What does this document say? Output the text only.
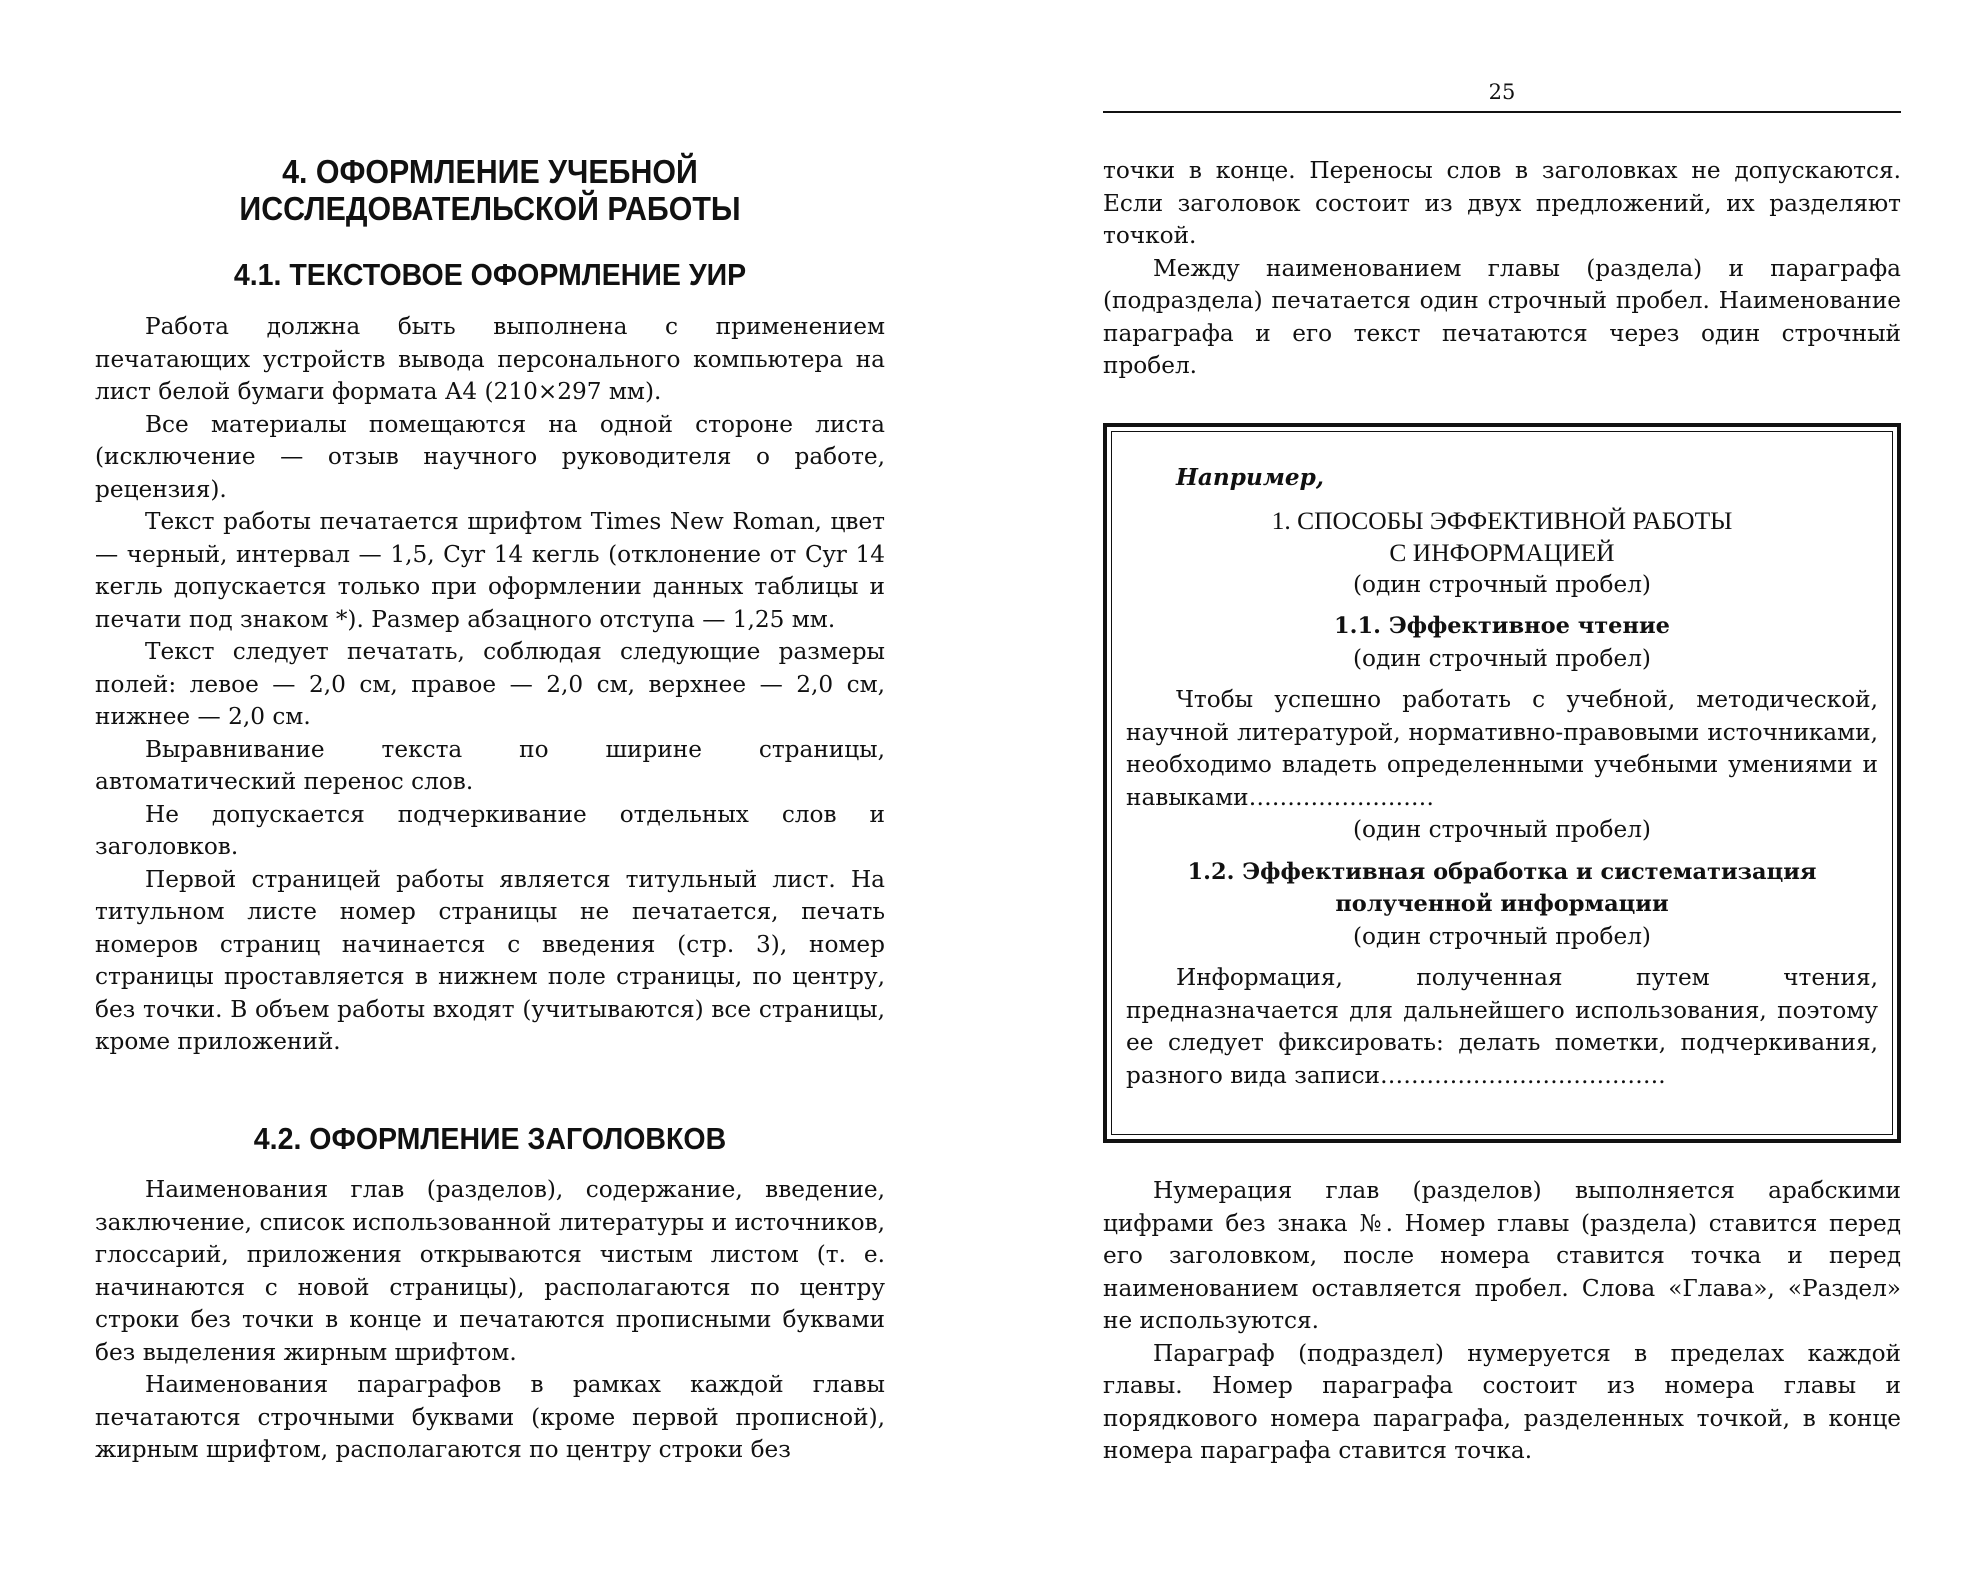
4. ОФОРМЛЕНИЕ УЧЕБНОЙ
ИССЛЕДОВАТЕЛЬСКОЙ РАБОТЫ
4.1. ТЕКСТОВОЕ ОФОРМЛЕНИЕ УИР

Работа должна быть выполнена с применением печатающих устройств вывода персонального компьютера на лист белой бумаги формата А4 (210×297 мм).

Все материалы помещаются на одной стороне листа (исключение — отзыв научного руководителя о работе, рецензия).

Текст работы печатается шрифтом Times New Roman, цвет — черный, интервал — 1,5, Cyr 14 кегль (отклонение от Cyr 14 кегль допускается только при оформлении данных таблицы и печати под знаком *). Размер абзацного отступа — 1,25 мм.

Текст следует печатать, соблюдая следующие размеры полей: левое — 2,0 см, правое — 2,0 см, верхнее — 2,0 см, нижнее — 2,0 см.

Выравнивание текста по ширине страницы, автоматический перенос слов.

Не допускается подчеркивание отдельных слов и заголовков.

Первой страницей работы является титульный лист. На титульном листе номер страницы не печатается, печать номеров страниц начинается с введения (стр. 3), номер страницы проставляется в нижнем поле страницы, по центру, без точки. В объем работы входят (учитываются) все страницы, кроме приложений.

4.2. ОФОРМЛЕНИЕ ЗАГОЛОВКОВ

Наименования глав (разделов), содержание, введение, заключение, список использованной литературы и источников, глоссарий, приложения открываются чистым листом (т. е. начинаются с новой страницы), располагаются по центру строки без точки в конце и печатаются прописными буквами без выделения жирным шрифтом.

Наименования параграфов в рамках каждой главы печатаются строчными буквами (кроме первой прописной), жирным шрифтом, располагаются по центру строки без

25

точки в конце. Переносы слов в заголовках не допускаются. Если заголовок состоит из двух предложений, их разделяют точкой.

Между наименованием главы (раздела) и параграфа (подраздела) печатается один строчный пробел. Наименование параграфа и его текст печатаются через один строчный пробел.

Например,

1. СПОСОБЫ ЭФФЕКТИВНОЙ РАБОТЫ

С ИНФОРМАЦИЕЙ

(один строчный пробел)

1.1. Эффективное чтение

(один строчный пробел)

Чтобы успешно работать с учебной, методической, научной литературой, нормативно-правовыми источниками, необходимо владеть определенными учебными умениями и навыками……………………

(один строчный пробел)

1.2. Эффективная обработка и систематизация

полученной информации

(один строчный пробел)

Информация, полученная путем чтения, предназначается для дальнейшего использования, поэтому ее следует фиксировать: делать пометки, подчеркивания, разного вида записи……………………………….

Нумерация глав (разделов) выполняется арабскими цифрами без знака №. Номер главы (раздела) ставится перед его заголовком, после номера ставится точка и перед наименованием оставляется пробел. Слова «Глава», «Раздел» не используются.

Параграф (подраздел) нумеруется в пределах каждой главы. Номер параграфа состоит из номера главы и порядкового номера параграфа, разделенных точкой, в конце номера параграфа ставится точка.
